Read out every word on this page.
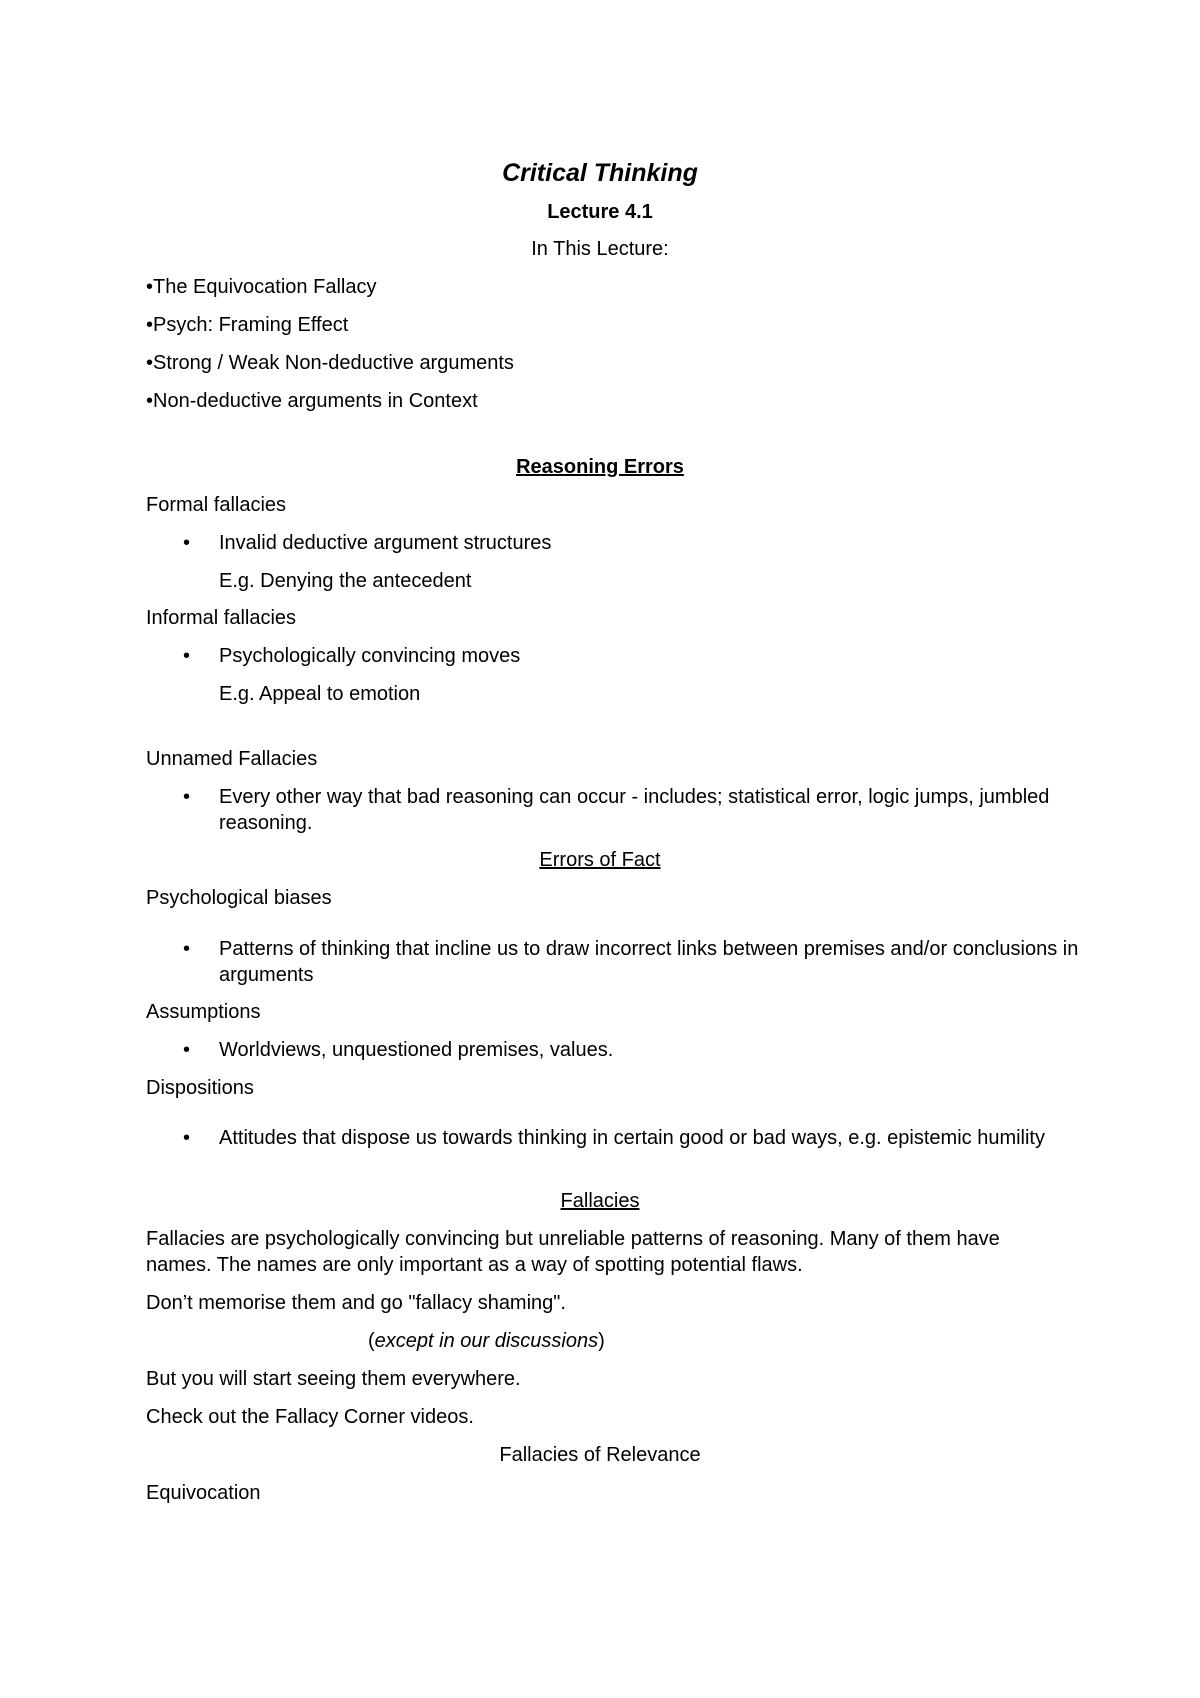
Critical Thinking
Lecture 4.1
In This Lecture:
•The Equivocation Fallacy
•Psych: Framing Effect
•Strong / Weak Non-deductive arguments
•Non-deductive arguments in Context
Reasoning Errors
Formal fallacies
• Invalid deductive argument structures
E.g. Denying the antecedent
Informal fallacies
• Psychologically convincing moves
E.g. Appeal to emotion
Unnamed Fallacies
• Every other way that bad reasoning can occur - includes; statistical error, logic jumps, jumbled reasoning.
Errors of Fact
Psychological biases
• Patterns of thinking that incline us to draw incorrect links between premises and/or conclusions in arguments
Assumptions
• Worldviews, unquestioned premises, values.
Dispositions
• Attitudes that dispose us towards thinking in certain good or bad ways, e.g. epistemic humility
Fallacies
Fallacies are psychologically convincing but unreliable patterns of reasoning. Many of them have names. The names are only important as a way of spotting potential flaws.
Don’t memorise them and go "fallacy shaming".
(except in our discussions)
But you will start seeing them everywhere.
Check out the Fallacy Corner videos.
Fallacies of Relevance
Equivocation
